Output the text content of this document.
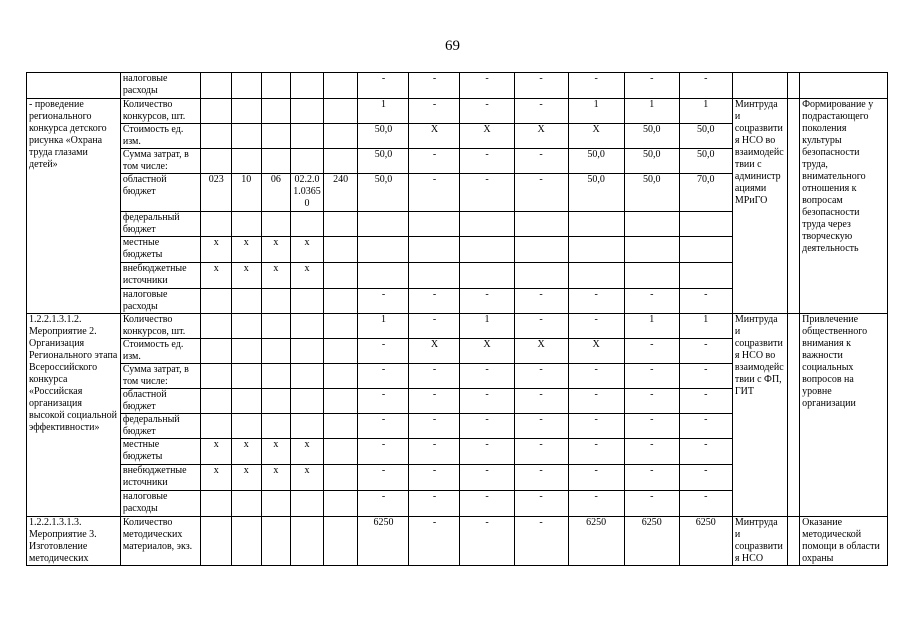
69
	налоговые расходы						-	-	-	-	-	-	-			
- проведение регионального конкурса детского рисунка «Охрана труда глазами детей»	Количество конкурсов, шт.						1	-	-	-	1	1	1	Минтруда и соцразвития НСО во взаимодействии с администрациями МРиГО		Формирование у подрастающего поколения культуры безопасности труда, внимательного отношения к вопросам безопасности труда через творческую деятельность
	Стоимость ед. изм.						50,0	Х	Х	Х	Х	50,0	50,0			
	Сумма затрат, в том числе:						50,0	-	-	-	50,0	50,0	50,0			
	областной бюджет	023	10	06	02.2.01.03650	240	50,0	-	-	-	50,0	50,0	70,0			
	федеральный бюджет															
	местные бюджеты	х	х	х	х											
	внебюджетные источники	х	х	х	х											
	налоговые расходы						-	-	-	-	-	-	-			
1.2.2.1.3.1.2. Мероприятие 2. Организация Регионального этапа Всероссийского конкурса «Российская организация высокой социальной эффективности»	Количество конкурсов, шт.						1	-	1	-	-	1	1	Минтруда и соцразвития НСО во взаимодействии с ФП, ГИТ		Привлечение общественного внимания к важности социальных вопросов на уровне организации
	Стоимость ед. изм.						-	Х	Х	Х	Х	-	-			
	Сумма затрат, в том числе:						-	-	-	-	-	-	-			
	областной бюджет						-	-	-	-	-	-	-			
	федеральный бюджет						-	-	-	-	-	-	-			
	местные бюджеты	х	х	х	х		-	-	-	-	-	-	-			
	внебюджетные источники	х	х	х	х		-	-	-	-	-	-	-			
	налоговые расходы						-	-	-	-	-	-	-			
1.2.2.1.3.1.3. Мероприятие 3. Изготовление методических	Количество методических материалов, экз.						6250	-	-	-	6250	6250	6250	Минтруда и соцразвития НСО		Оказание методической помощи в области охраны
